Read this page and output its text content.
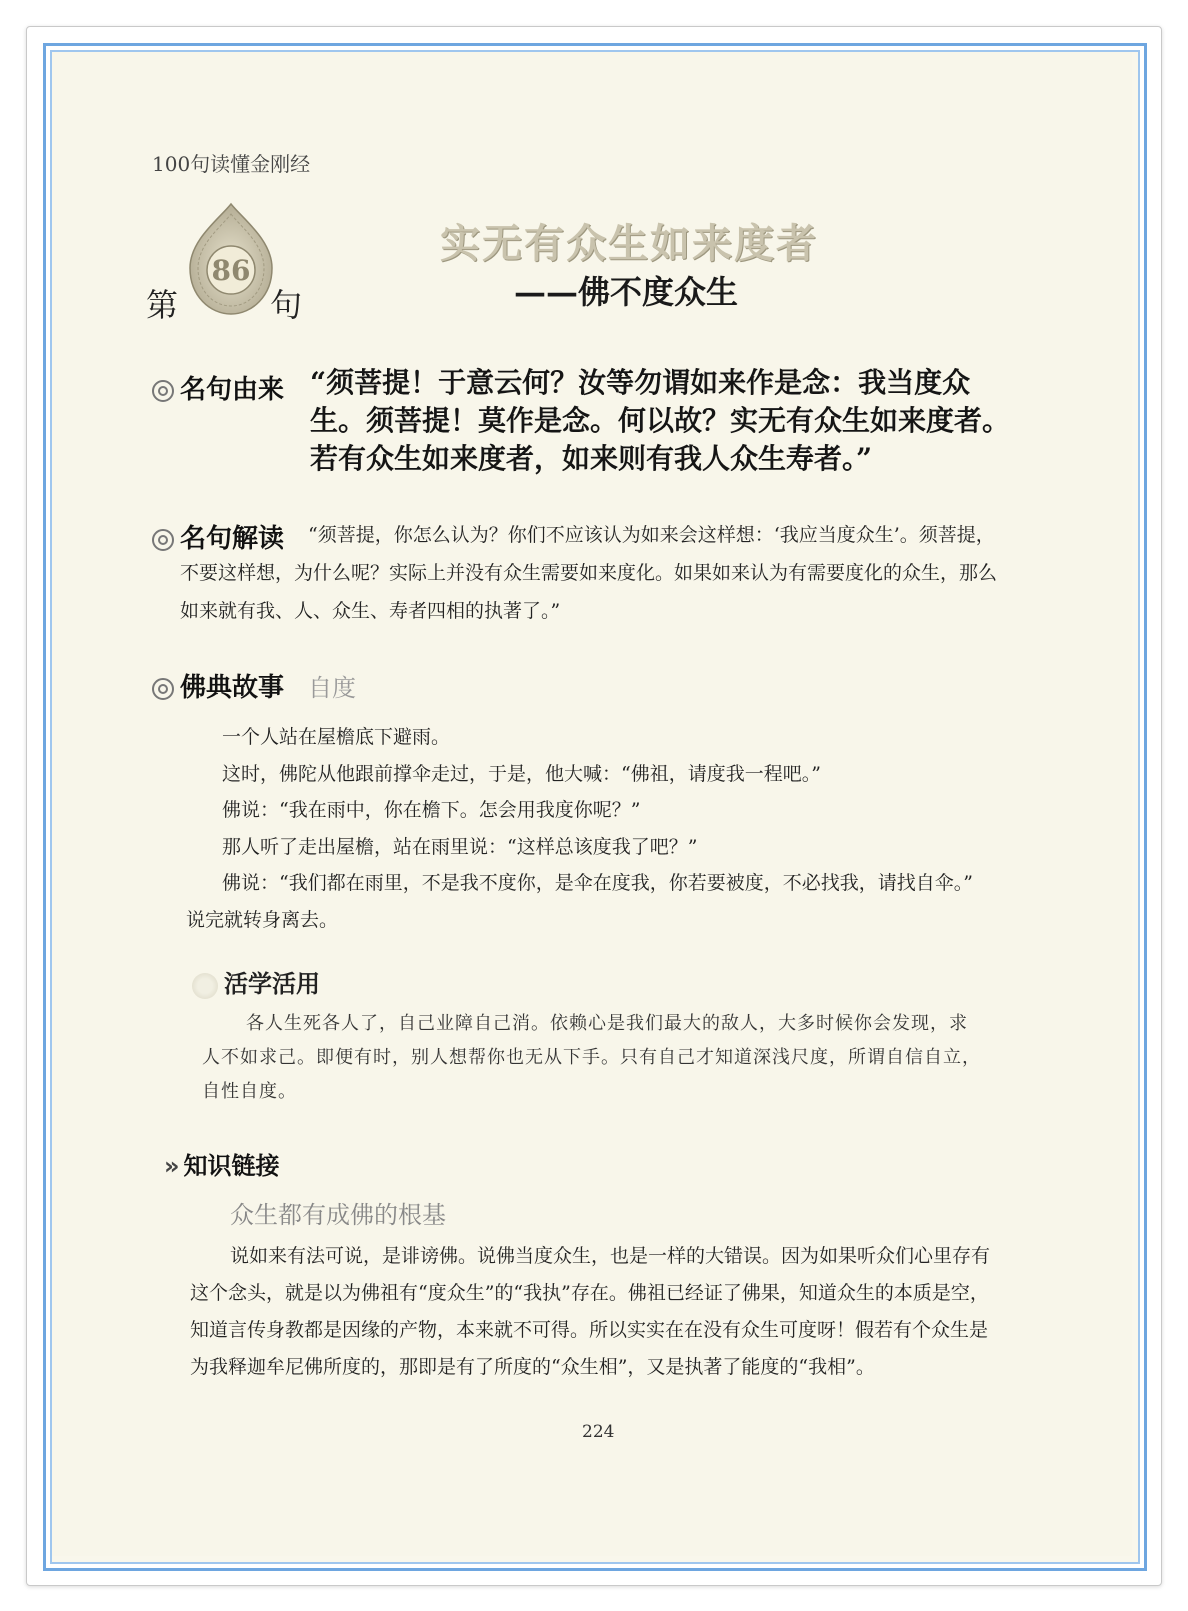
100句读懂金刚经
86
第	句
实无有众生如来度者
——佛不度众生
名句由来 “须菩提！于意云何？汝等勿谓如来作是念：我当度众生。须菩提！莫作是念。何以故？实无有众生如来度者。若有众生如来度者，如来则有我人众生寿者。”
名句解读	“须菩提，你怎么认为？你们不应该认为如来会这样想：‘我应当度众生’。须菩提，不要这样想，为什么呢？实际上并没有众生需要如来度化。如果如来认为有需要度化的众生，那么如来就有我、人、众生、寿者四相的执著了。”
佛典故事 自度

一个人站在屋檐底下避雨。

这时，佛陀从他跟前撑伞走过，于是，他大喊：“佛祖，请度我一程吧。”

佛说：“我在雨中，你在檐下。怎会用我度你呢？”

那人听了走出屋檐，站在雨里说：“这样总该度我了吧？”

佛说：“我们都在雨里，不是我不度你，是伞在度我，你若要被度，不必找我，请找自伞。”

说完就转身离去。

活学活用
各人生死各人了，自己业障自己消。依赖心是我们最大的敌人，大多时候你会发现，求人不如求己。即便有时，别人想帮你也无从下手。只有自己才知道深浅尺度，所谓自信自立，自性自度。
» 知识链接
众生都有成佛的根基
说如来有法可说，是诽谤佛。说佛当度众生，也是一样的大错误。因为如果听众们心里存有这个念头，就是以为佛祖有“度众生”的“我执”存在。佛祖已经证了佛果，知道众生的本质是空，知道言传身教都是因缘的产物，本来就不可得。所以实实在在没有众生可度呀！假若有个众生是为我释迦牟尼佛所度的，那即是有了所度的“众生相”，又是执著了能度的“我相”。
224
